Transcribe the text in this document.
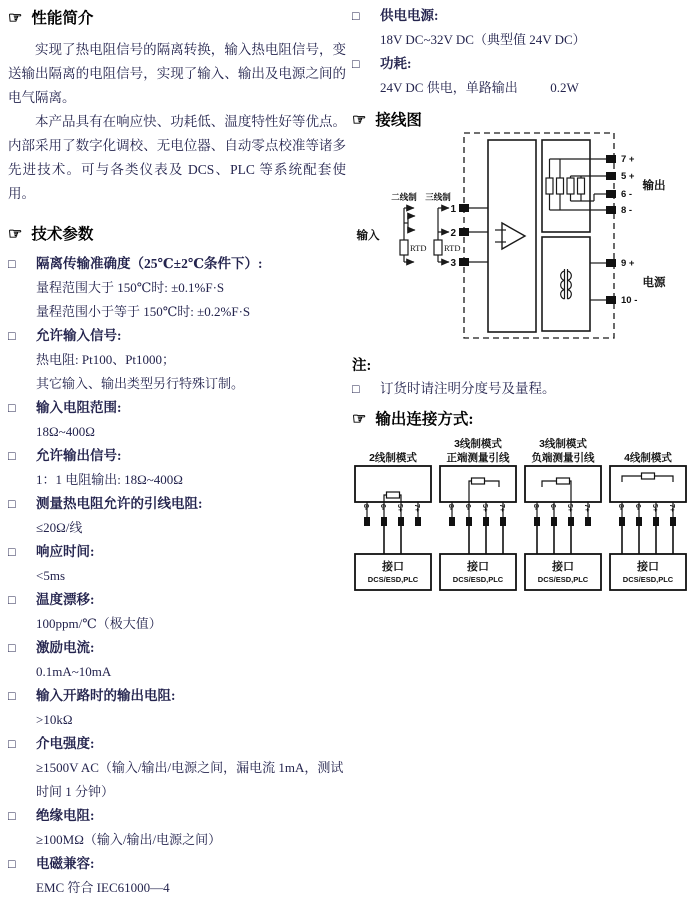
☞ 性能简介

实现了热电阻信号的隔离转换，输入热电阻信号，变送输出隔离的电阻信号，实现了输入、输出及电源之间的电气隔离。

本产品具有在响应快、功耗低、温度特性好等优点。内部采用了数字化调校、无电位器、自动零点校准等诸多先进技术。可与各类仪表及 DCS、PLC 等系统配套使用。

☞ 技术参数
□	隔离传输准确度（25℃±2℃条件下）:
量程范围大于 150℃时: ±0.1%F·S
量程范围小于等于 150℃时: ±0.2%F·S
□	允许输入信号:
热电阻: Pt100、Pt1000；
其它输入、输出类型另行特殊订制。
□	输入电阻范围:
18Ω~400Ω
□	允许输出信号:
1：1 电阻输出: 18Ω~400Ω
□	测量热电阻允许的引线电阻:
≤20Ω/线
□	响应时间:
<5ms
□	温度漂移:
100ppm/℃（极大值）
□	激励电流:
0.1mA~10mA
□	输入开路时的输出电阻:
>10kΩ
□	介电强度:
≥1500V AC（输入/输出/电源之间，漏电流 1mA，测试时间 1 分钟）
□	绝缘电阻:
≥100MΩ（输入/输出/电源之间）
□	电磁兼容:
EMC 符合 IEC61000—4
□	供电电源:
18V DC~32V DC（典型值 24V DC）
□	功耗:
24V DC 供电，单路输出          0.2W
☞ 接线图
二线制 三线制
输入
输出
电源
1
2
3
7 +
5 +
6 -
8 -
9 +
10 -
RTD RTD
注:
□	订货时请注明分度号及量程。
☞ 输出连接方式:
2线制模式
8- 6- 5+ 7+
接口
DCS/ESD,PLC
3线制模式
正端测量引线
8- 6- 5+ 7+
接口
DCS/ESD,PLC
3线制模式
负端测量引线
8- 6- 5+ 7+
接口
DCS/ESD,PLC
4线制模式
8- 6- 5+ 7+
接口
DCS/ESD,PLC
